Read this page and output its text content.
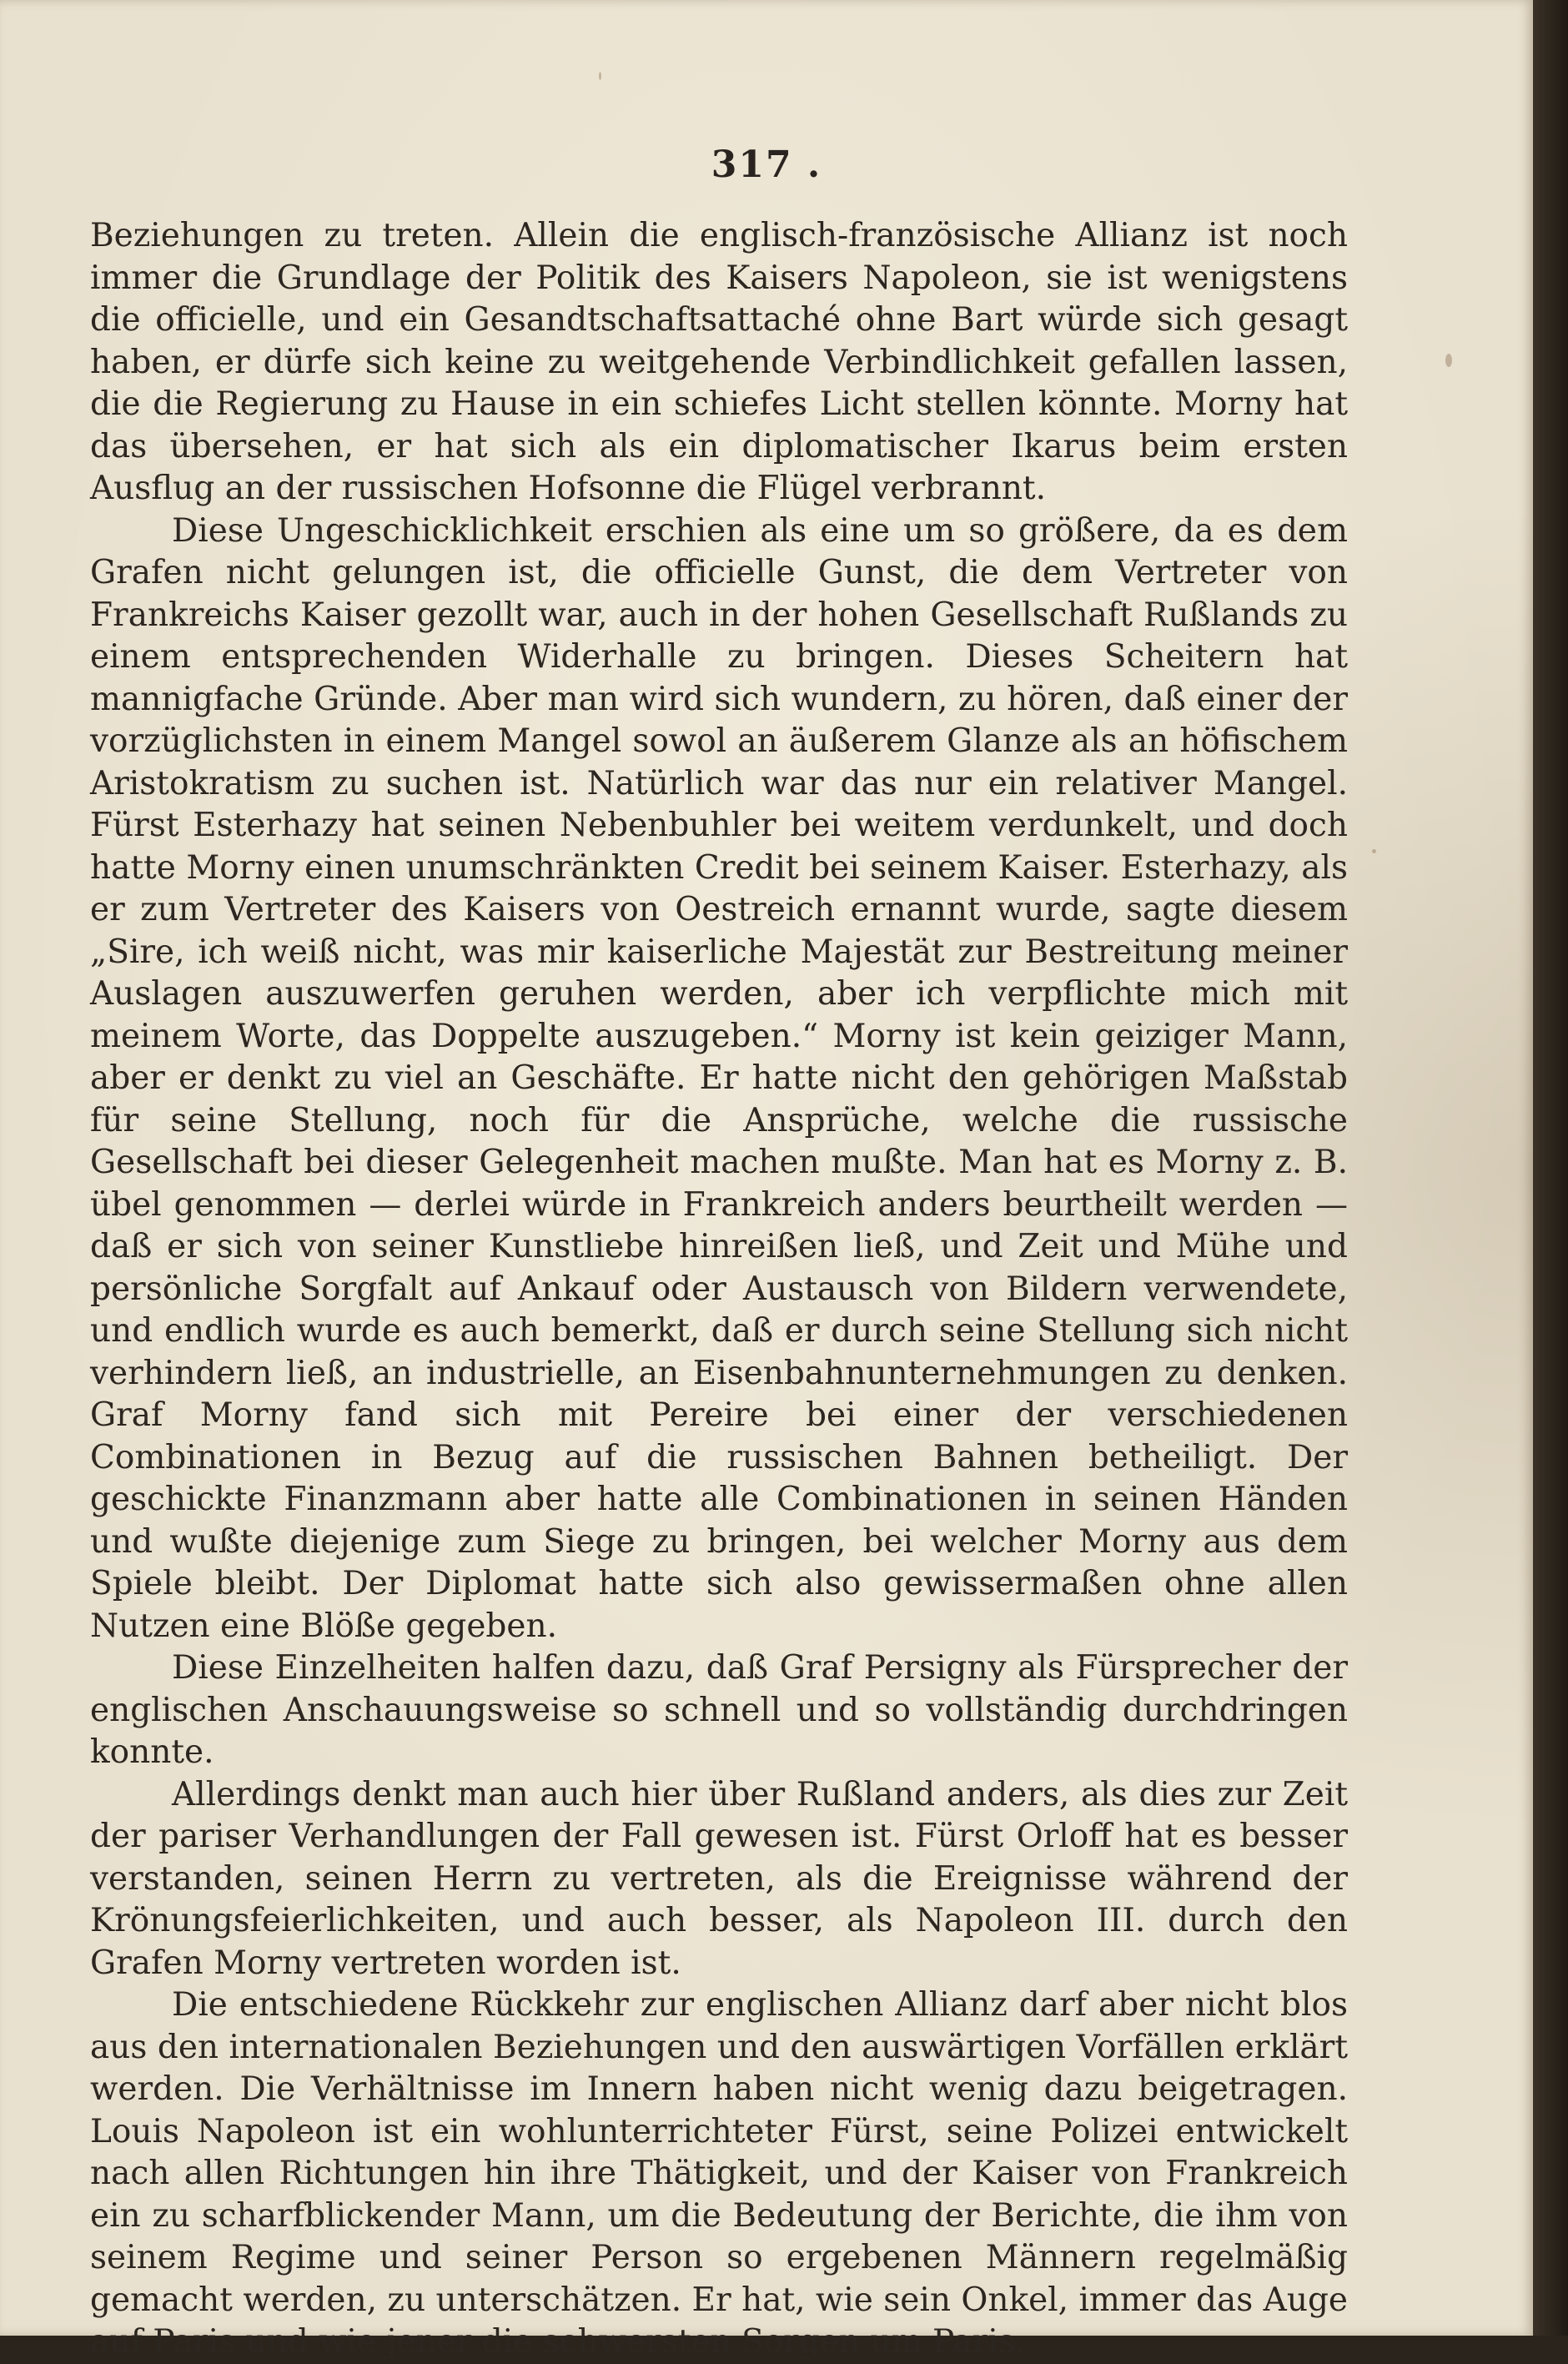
317 .

Beziehungen zu treten. Allein die englisch-französische Allianz ist noch immer die Grundlage der Politik des Kaisers Napoleon, sie ist wenigstens die officielle, und ein Gesandtschaftsattaché ohne Bart würde sich gesagt haben, er dürfe sich keine zu weitgehende Verbindlichkeit gefallen lassen, die die Regierung zu Hause in ein schiefes Licht stellen könnte. Morny hat das übersehen, er hat sich als ein diplomatischer Ikarus beim ersten Ausflug an der russischen Hofsonne die Flügel verbrannt.

Diese Ungeschicklichkeit erschien als eine um so größere, da es dem Grafen nicht gelungen ist, die officielle Gunst, die dem Vertreter von Frankreichs Kaiser gezollt war, auch in der hohen Gesellschaft Rußlands zu einem entsprechenden Widerhalle zu bringen. Dieses Scheitern hat mannigfache Gründe. Aber man wird sich wundern, zu hören, daß einer der vorzüglichsten in einem Mangel sowol an äußerem Glanze als an höfischem Aristokratism zu suchen ist. Natürlich war das nur ein relativer Mangel. Fürst Esterhazy hat seinen Nebenbuhler bei weitem verdunkelt, und doch hatte Morny einen unumschränkten Credit bei seinem Kaiser. Esterhazy, als er zum Vertreter des Kaisers von Oestreich ernannt wurde, sagte diesem „Sire, ich weiß nicht, was mir kaiserliche Majestät zur Bestreitung meiner Auslagen auszuwerfen geruhen werden, aber ich verpflichte mich mit meinem Worte, das Doppelte auszugeben.“ Morny ist kein geiziger Mann, aber er denkt zu viel an Geschäfte. Er hatte nicht den gehörigen Maßstab für seine Stellung, noch für die Ansprüche, welche die russische Gesellschaft bei dieser Gelegenheit machen mußte. Man hat es Morny z. B. übel genommen — derlei würde in Frankreich anders beurtheilt werden — daß er sich von seiner Kunstliebe hinreißen ließ, und Zeit und Mühe und persönliche Sorgfalt auf Ankauf oder Austausch von Bildern verwendete, und endlich wurde es auch bemerkt, daß er durch seine Stellung sich nicht verhindern ließ, an industrielle, an Eisenbahnunternehmungen zu denken. Graf Morny fand sich mit Pereire bei einer der verschiedenen Combinationen in Bezug auf die russischen Bahnen betheiligt. Der geschickte Finanzmann aber hatte alle Combinationen in seinen Händen und wußte diejenige zum Siege zu bringen, bei welcher Morny aus dem Spiele bleibt. Der Diplomat hatte sich also gewissermaßen ohne allen Nutzen eine Blöße gegeben.

Diese Einzelheiten halfen dazu, daß Graf Persigny als Fürsprecher der englischen Anschauungsweise so schnell und so vollständig durchdringen konnte.

Allerdings denkt man auch hier über Rußland anders, als dies zur Zeit der pariser Verhandlungen der Fall gewesen ist. Fürst Orloff hat es besser verstanden, seinen Herrn zu vertreten, als die Ereignisse während der Krönungsfeierlichkeiten, und auch besser, als Napoleon III. durch den Grafen Morny vertreten worden ist.

Die entschiedene Rückkehr zur englischen Allianz darf aber nicht blos aus den internationalen Beziehungen und den auswärtigen Vorfällen erklärt werden. Die Verhältnisse im Innern haben nicht wenig dazu beigetragen. Louis Napoleon ist ein wohlunterrichteter Fürst, seine Polizei entwickelt nach allen Richtungen hin ihre Thätigkeit, und der Kaiser von Frankreich ein zu scharfblickender Mann, um die Bedeutung der Berichte, die ihm von seinem Regime und seiner Person so ergebenen Männern regelmäßig gemacht werden, zu unterschätzen. Er hat, wie sein Onkel, immer das Auge auf Paris und wie jener die schwersten Sorgen um Paris.
